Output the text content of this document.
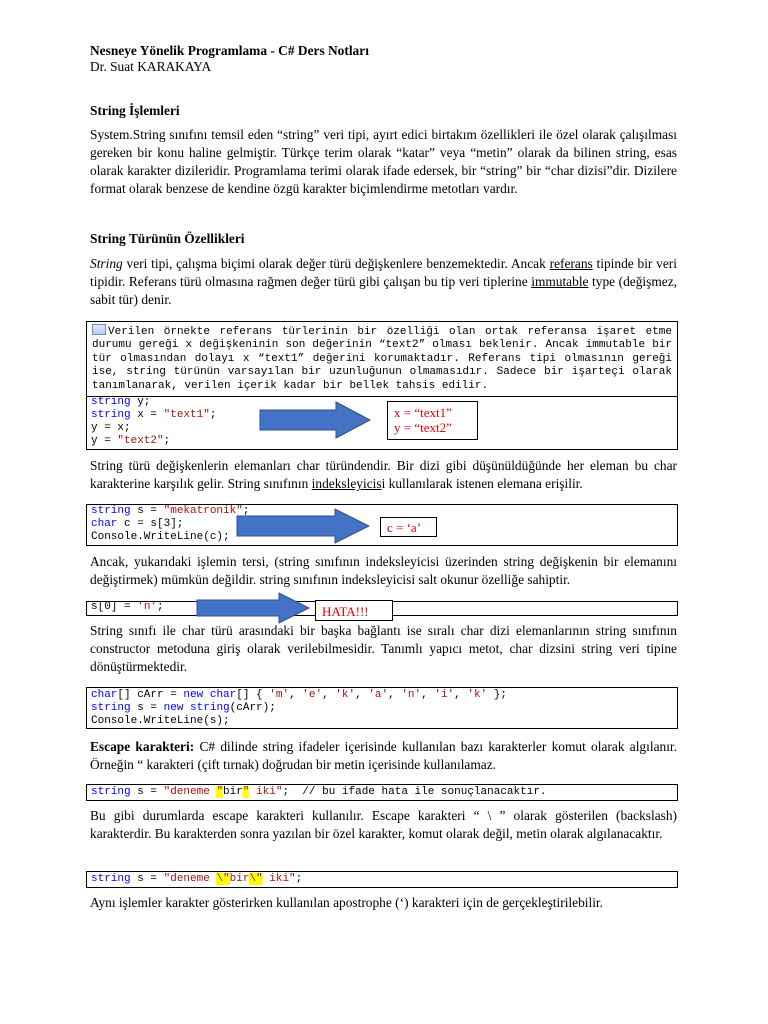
Nesneye Yönelik Programlama - C# Ders Notları
Dr. Suat KARAKAYA
String İşlemleri
System.String sınıfını temsil eden “string” veri tipi, ayırt edici birtakım özellikleri ile özel olarak çalışılması gereken bir konu haline gelmiştir. Türkçe terim olarak “katar” veya “metin” olarak da bilinen string, esas olarak karakter dizileridir. Programlama terimi olarak ifade edersek, bir “string” bir “char dizisi”dir. Dizilere format olarak benzese de kendine özgü karakter biçimlendirme metotları vardır.
String Türünün Özellikleri
String veri tipi, çalışma biçimi olarak değer türü değişkenlere benzemektedir. Ancak referans tipinde bir veri tipidir. Referans türü olmasına rağmen değer türü gibi çalışan bu tip veri tiplerine immutable type (değişmez, sabit tür) denir.
Verilen örnekte referans türlerinin bir özelliği olan ortak referansa işaret etme durumu gereği x değişkeninin son değerinin “text2” olması beklenir. Ancak immutable bir tür olmasından dolayı x “text1” değerini korumaktadır. Referans tipi olmasının gereği ise, string türünün varsayılan bir uzunluğunun olmamasıdır. Sadece bir işarteçi olarak tanımlanarak, verilen içerik kadar bir bellek tahsis edilir.
string y;
string x = "text1";
y = x;
y = "text2";
x = “text1”
y = “text2”
String türü değişkenlerin elemanları char türündendir. Bir dizi gibi düşünüldüğünde her eleman bu char karakterine karşılık gelir. String sınıfının indeksleyicisi kullanılarak istenen elemana erişilir.
string s = "mekatronik";
char c = s[3];
Console.WriteLine(c);
c = ‘a’
Ancak, yukarıdaki işlemin tersi, (string sınıfının indeksleyicisi üzerinden string değişkenin bir elemanını değiştirmek) mümkün değildir. string sınıfının indeksleyicisi salt okunur özelliğe sahiptir.
s[0] = 'n';	HATA!!!
String sınıfı ile char türü arasındaki bir başka bağlantı ise sıralı char dizi elemanlarının string sınıfının constructor metoduna giriş olarak verilebilmesidir. Tanımlı yapıcı metot, char dizsini string veri tipine dönüştürmektedir.
char[] cArr = new char[] { 'm', 'e', 'k', 'a', 'n', 'i', 'k' };
string s = new string(cArr);
Console.WriteLine(s);
Escape karakteri: C# dilinde string ifadeler içerisinde kullanılan bazı karakterler komut olarak algılanır. Örneğin “ karakteri (çift tırnak) doğrudan bir metin içerisinde kullanılamaz.
string s = "deneme "bir" iki";  // bu ifade hata ile sonuçlanacaktır.
Bu gibi durumlarda escape karakteri kullanılır. Escape karakteri “ \ ” olarak gösterilen (backslash) karakterdir. Bu karakterden sonra yazılan bir özel karakter, komut olarak değil, metin olarak algılanacaktır.
string s = "deneme \"bir\" iki";
Aynı işlemler karakter gösterirken kullanılan apostrophe (‘) karakteri için de gerçekleştirilebilir.
